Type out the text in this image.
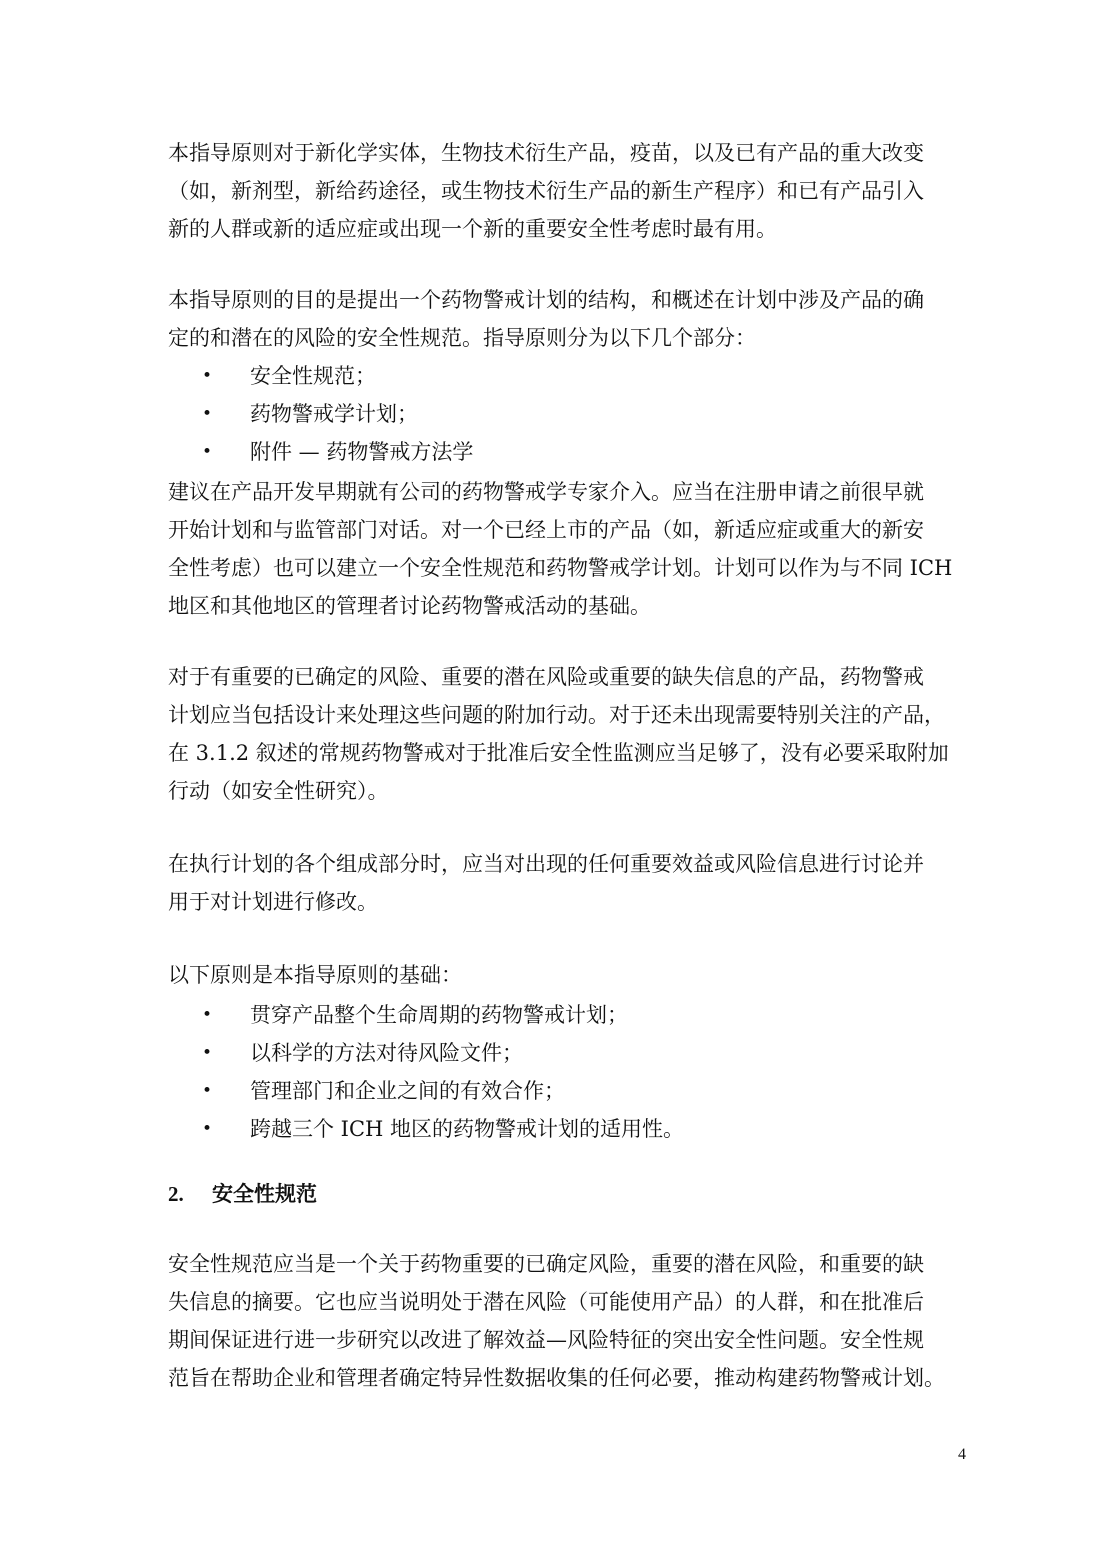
本指导原则对于新化学实体，生物技术衍生产品，疫苗，以及已有产品的重大改变
（如，新剂型，新给药途径，或生物技术衍生产品的新生产程序）和已有产品引入
新的人群或新的适应症或出现一个新的重要安全性考虑时最有用。
本指导原则的目的是提出一个药物警戒计划的结构，和概述在计划中涉及产品的确
定的和潜在的风险的安全性规范。指导原则分为以下几个部分：
• 安全性规范；
• 药物警戒学计划；
• 附件 — 药物警戒方法学
建议在产品开发早期就有公司的药物警戒学专家介入。应当在注册申请之前很早就
开始计划和与监管部门对话。对一个已经上市的产品（如，新适应症或重大的新安
全性考虑）也可以建立一个安全性规范和药物警戒学计划。计划可以作为与不同 ICH
地区和其他地区的管理者讨论药物警戒活动的基础。
对于有重要的已确定的风险、重要的潜在风险或重要的缺失信息的产品，药物警戒
计划应当包括设计来处理这些问题的附加行动。对于还未出现需要特别关注的产品，
在 3.1.2 叙述的常规药物警戒对于批准后安全性监测应当足够了，没有必要采取附加
行动（如安全性研究）。
在执行计划的各个组成部分时，应当对出现的任何重要效益或风险信息进行讨论并
用于对计划进行修改。
以下原则是本指导原则的基础：
• 贯穿产品整个生命周期的药物警戒计划；
• 以科学的方法对待风险文件；
• 管理部门和企业之间的有效合作；
• 跨越三个 ICH 地区的药物警戒计划的适用性。
2. 安全性规范
安全性规范应当是一个关于药物重要的已确定风险，重要的潜在风险，和重要的缺
失信息的摘要。它也应当说明处于潜在风险（可能使用产品）的人群，和在批准后
期间保证进行进一步研究以改进了解效益—风险特征的突出安全性问题。安全性规
范旨在帮助企业和管理者确定特异性数据收集的任何必要，推动构建药物警戒计划。
4
